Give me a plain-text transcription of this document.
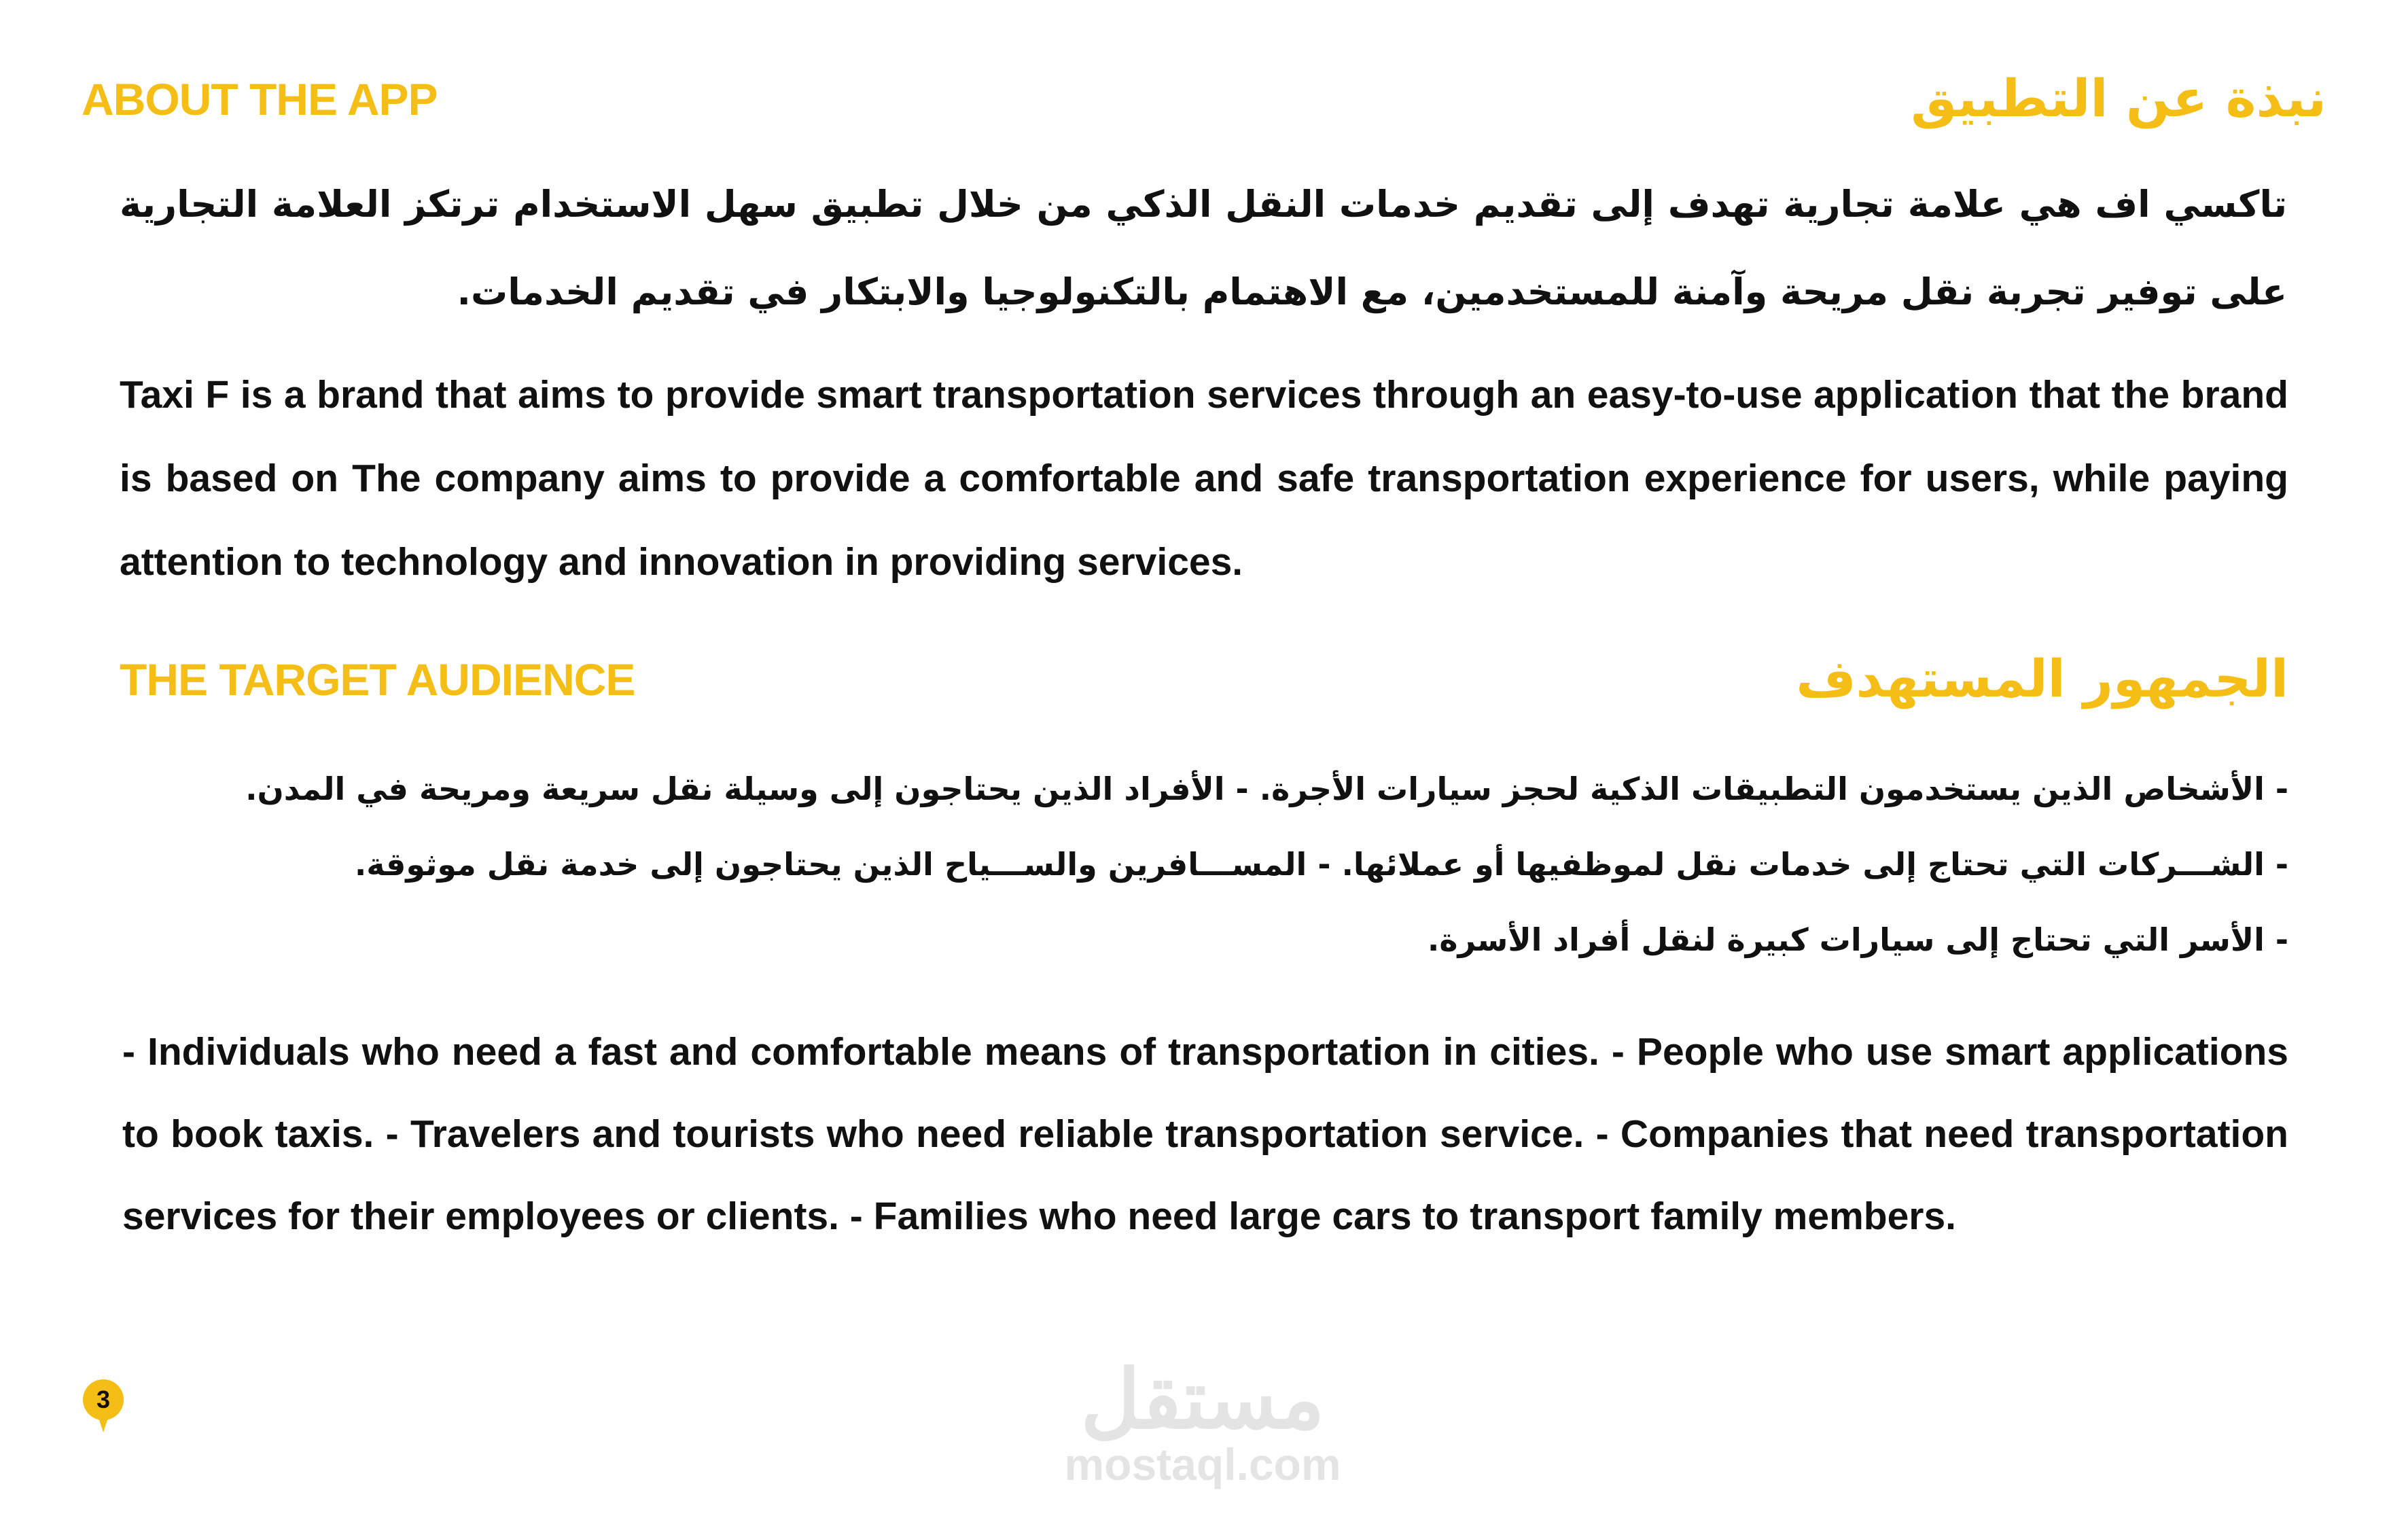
ABOUT THE APP	نبذة عن التطبيق
تاكسي اف هي علامة تجارية تهدف إلى تقديم خدمات النقل الذكي من خلال تطبيق سهل الاستخدام ترتكز العلامة التجارية على توفير تجربة نقل مريحة وآمنة للمستخدمين، مع الاهتمام بالتكنولوجيا والابتكار في تقديم الخدمات.
Taxi F is a brand that aims to provide smart transportation services through an easy-to-use application that the brand is based on The company aims to provide a comfortable and safe transportation experience for users, while paying attention to technology and innovation in providing services.
THE TARGET AUDIENCE	الجمهور المستهدف
- الأشخاص الذين يستخدمون التطبيقات الذكية لحجز سيارات الأجرة. - الأفراد الذين يحتاجون إلى وسيلة نقل سريعة ومريحة في المدن.
- الشـــركات التي تحتاج إلى خدمات نقل لموظفيها أو عملائها. - المســـافرين والســـياح الذين يحتاجون إلى خدمة نقل موثوقة.
- الأسر التي تحتاج إلى سيارات كبيرة لنقل أفراد الأسرة.
- Individuals who need a fast and comfortable means of transportation in cities. - People who use smart applications to book taxis. - Travelers and tourists who need reliable transportation service. - Companies that need transportation services for their employees or clients. - Families who need large cars to transport family members.
3	مستقل
mostaql.com
